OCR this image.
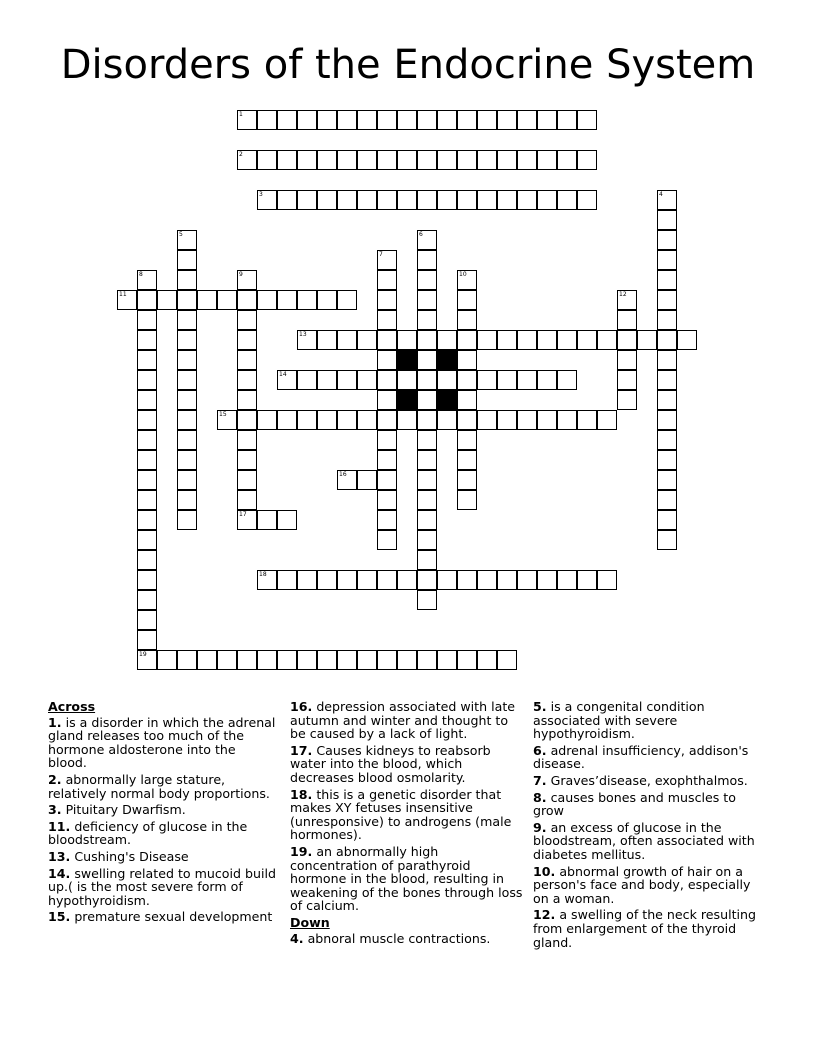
Disorders of the Endocrine System
1
2
3
11
13
14
15
16
17
18
19
4
5	6
7
8	9	10
12
Across
1. is a disorder in which the adrenal gland releases too much of the hormone aldosterone into the blood.
2. abnormally large stature, relatively normal body proportions.
3. Pituitary Dwarfism.
11. deficiency of glucose in the bloodstream.
13. Cushing's Disease
14. swelling related to mucoid build up.( is the most severe form of hypothyroidism.
15. premature sexual development
16. depression associated with late autumn and winter and thought to be caused by a lack of light.
17. Causes kidneys to reabsorb water into the blood, which decreases blood osmolarity.
18. this is a genetic disorder that makes XY fetuses insensitive (unresponsive) to androgens (male hormones).
19. an abnormally high concentration of parathyroid hormone in the blood, resulting in weakening of the bones through loss of calcium.
Down
4. abnoral muscle contractions.
5. is a congenital condition associated with severe hypothyroidism.
6. adrenal insufficiency, addison's disease.
7. Graves’disease, exophthalmos.
8. causes bones and muscles to grow
9. an excess of glucose in the bloodstream, often associated with diabetes mellitus.
10. abnormal growth of hair on a person's face and body, especially on a woman.
12. a swelling of the neck resulting from enlargement of the thyroid gland.
